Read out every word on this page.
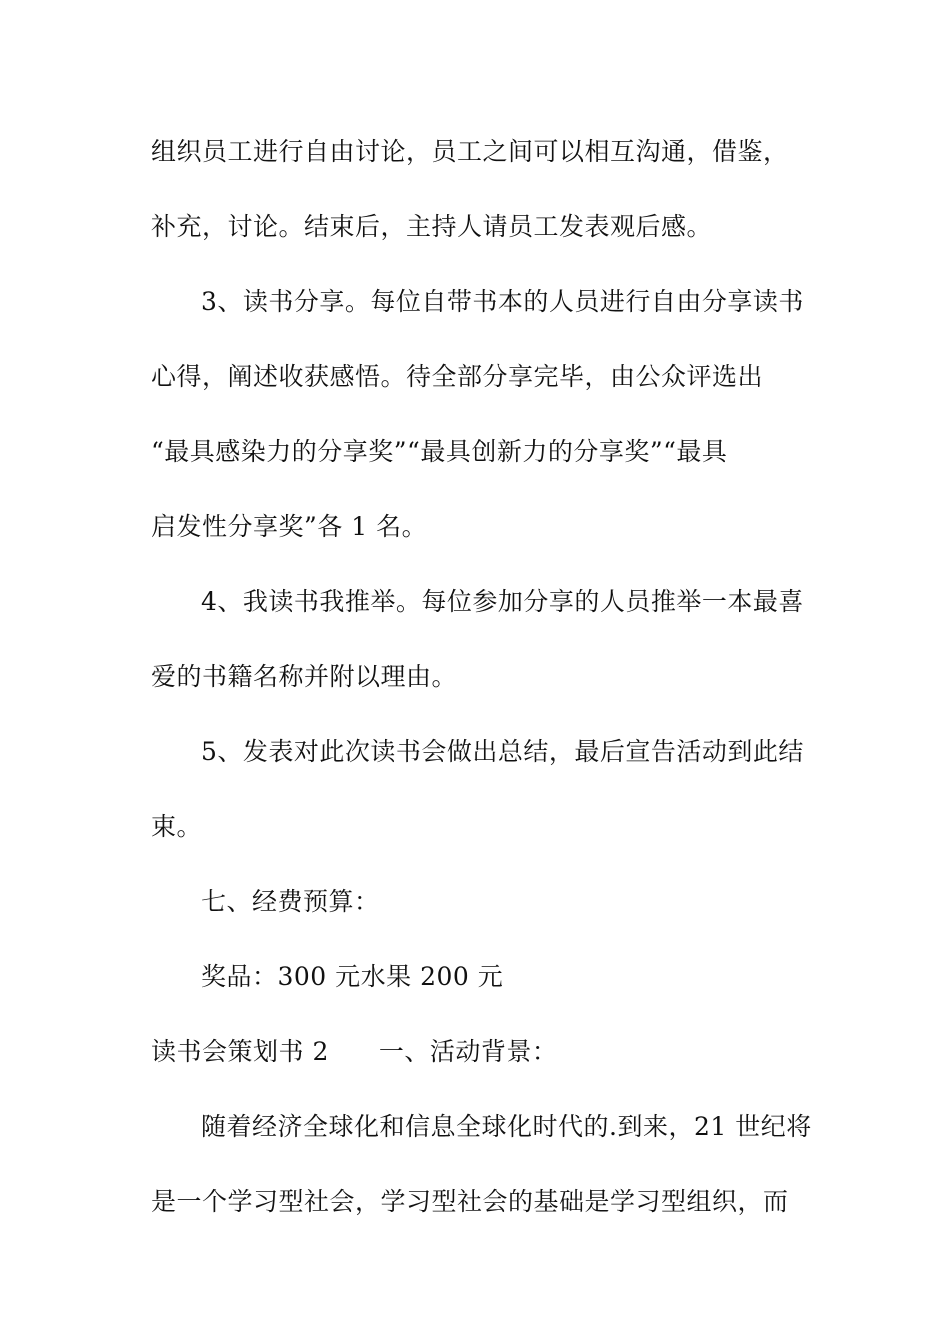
组织员工进行自由讨论，员工之间可以相互沟通，借鉴，
补充，讨论。结束后，主持人请员工发表观后感。
3、读书分享。每位自带书本的人员进行自由分享读书
心得，阐述收获感悟。待全部分享完毕，由公众评选出
“最具感染力的分享奖”“最具创新力的分享奖”“最具
启发性分享奖”各 1 名。
4、我读书我推举。每位参加分享的人员推举一本最喜
爱的书籍名称并附以理由。
5、发表对此次读书会做出总结，最后宣告活动到此结
束。
七、经费预算：
奖品：300 元水果 200 元
读书会策划书 2 一、活动背景：
随着经济全球化和信息全球化时代的.到来，21 世纪将
是一个学习型社会，学习型社会的基础是学习型组织，而
